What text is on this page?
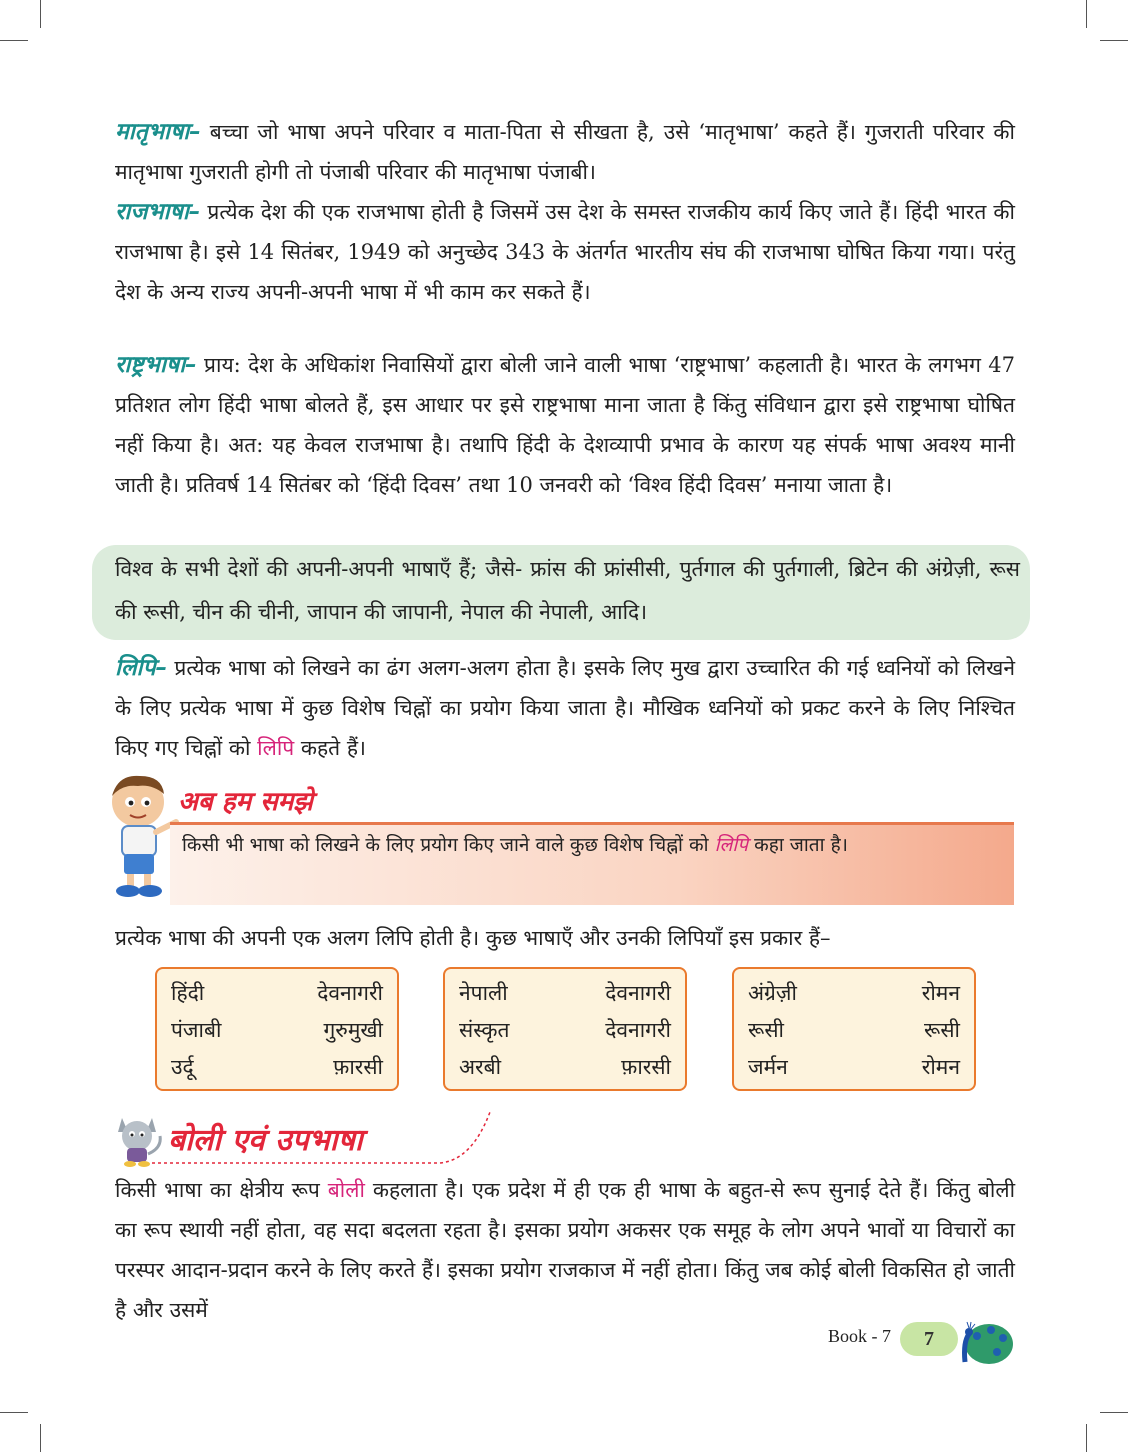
मातृभाषा– बच्चा जो भाषा अपने परिवार व माता-पिता से सीखता है, उसे ‘मातृभाषा’ कहते हैं। गुजराती परिवार की मातृभाषा गुजराती होगी तो पंजाबी परिवार की मातृभाषा पंजाबी।
राजभाषा– प्रत्येक देश की एक राजभाषा होती है जिसमें उस देश के समस्त राजकीय कार्य किए जाते हैं। हिंदी भारत की राजभाषा है। इसे 14 सितंबर, 1949 को अनुच्छेद 343 के अंतर्गत भारतीय संघ की राजभाषा घोषित किया गया। परंतु देश के अन्य राज्य अपनी-अपनी भाषा में भी काम कर सकते हैं।
राष्ट्रभाषा– प्राय: देश के अधिकांश निवासियों द्वारा बोली जाने वाली भाषा ‘राष्ट्रभाषा’ कहलाती है। भारत के लगभग 47 प्रतिशत लोग हिंदी भाषा बोलते हैं, इस आधार पर इसे राष्ट्रभाषा माना जाता है किंतु संविधान द्वारा इसे राष्ट्रभाषा घोषित नहीं किया है। अत: यह केवल राजभाषा है। तथापि हिंदी के देशव्यापी प्रभाव के कारण यह संपर्क भाषा अवश्य मानी जाती है। प्रतिवर्ष 14 सितंबर को ‘हिंदी दिवस’ तथा 10 जनवरी को ‘विश्व हिंदी दिवस’ मनाया जाता है।
विश्व के सभी देशों की अपनी-अपनी भाषाएँ हैं; जैसे- फ्रांस की फ्रांसीसी, पुर्तगाल की पुर्तगाली, ब्रिटेन की अंग्रेज़ी, रूस की रूसी, चीन की चीनी, जापान की जापानी, नेपाल की नेपाली, आदि।
लिपि– प्रत्येक भाषा को लिखने का ढंग अलग-अलग होता है। इसके लिए मुख द्वारा उच्चारित की गई ध्वनियों को लिखने के लिए प्रत्येक भाषा में कुछ विशेष चिह्नों का प्रयोग किया जाता है। मौखिक ध्वनियों को प्रकट करने के लिए निश्चित किए गए चिह्नों को लिपि कहते हैं।
अब हम समझे
किसी भी भाषा को लिखने के लिए प्रयोग किए जाने वाले कुछ विशेष चिह्नों को लिपि कहा जाता है।
प्रत्येक भाषा की अपनी एक अलग लिपि होती है। कुछ भाषाएँ और उनकी लिपियाँ इस प्रकार हैं–
हिंदी	देवनागरी
पंजाबी	गुरुमुखी
उर्दू	फ़ारसी
नेपाली	देवनागरी
संस्कृत	देवनागरी
अरबी	फ़ारसी
अंग्रेज़ी	रोमन
रूसी	रूसी
जर्मन	रोमन
बोली एवं उपभाषा
किसी भाषा का क्षेत्रीय रूप बोली कहलाता है। एक प्रदेश में ही एक ही भाषा के बहुत-से रूप सुनाई देते हैं। किंतु बोली का रूप स्थायी नहीं होता, वह सदा बदलता रहता है। इसका प्रयोग अकसर एक समूह के लोग अपने भावों या विचारों का परस्पर आदान-प्रदान करने के लिए करते हैं। इसका प्रयोग राजकाज में नहीं होता। किंतु जब कोई बोली विकसित हो जाती है और उसमें
Book - 7	7
